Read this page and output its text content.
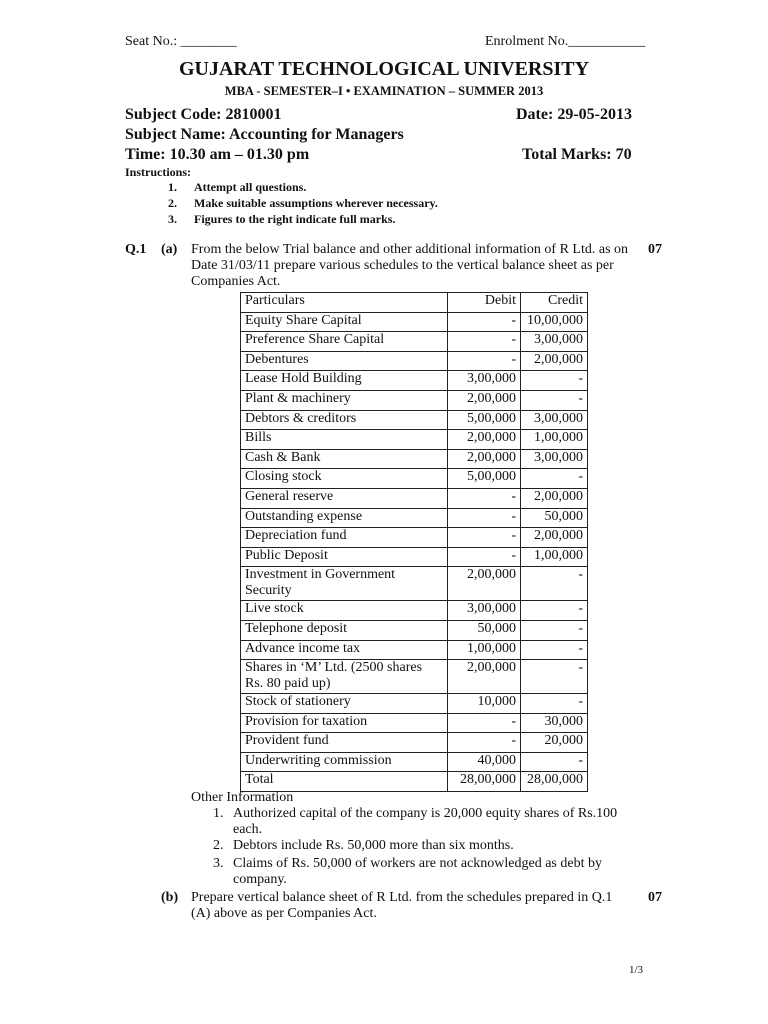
Seat No.: ________	Enrolment No.___________
GUJARAT TECHNOLOGICAL UNIVERSITY
MBA - SEMESTER–I • EXAMINATION – SUMMER 2013
Subject Code: 2810001	Date: 29-05-2013
Subject Name: Accounting for Managers
Time: 10.30 am – 01.30 pm	Total Marks: 70
Instructions:
1. Attempt all questions.
2. Make suitable assumptions wherever necessary.
3. Figures to the right indicate full marks.
Q.1 (a) From the below Trial balance and other additional information of R Ltd. as on Date 31/03/11 prepare various schedules to the vertical balance sheet as per Companies Act.
07
Particulars	Debit	Credit
Equity Share Capital	-	10,00,000
Preference Share Capital	-	3,00,000
Debentures	-	2,00,000
Lease Hold Building	3,00,000	-
Plant & machinery	2,00,000	-
Debtors & creditors	5,00,000	3,00,000
Bills	2,00,000	1,00,000
Cash & Bank	2,00,000	3,00,000
Closing stock	5,00,000	-
General reserve	-	2,00,000
Outstanding expense	-	50,000
Depreciation fund	-	2,00,000
Public Deposit	-	1,00,000
Investment in Government Security	2,00,000	-
Live stock	3,00,000	-
Telephone deposit	50,000	-
Advance income tax	1,00,000	-
Shares in ‘M’ Ltd. (2500 shares Rs. 80 paid up)	2,00,000	-
Stock of stationery	10,000	-
Provision for taxation	-	30,000
Provident fund	-	20,000
Underwriting commission	40,000	-
Total	28,00,000	28,00,000
Other Information
1. Authorized capital of the company is 20,000 equity shares of Rs.100
each.
2. Debtors include Rs. 50,000 more than six months.
3. Claims of Rs. 50,000 of workers are not acknowledged as debt by
company.
(b) Prepare vertical balance sheet of R Ltd. from the schedules prepared in Q.1 (A) above as per Companies Act.
07
1/3
